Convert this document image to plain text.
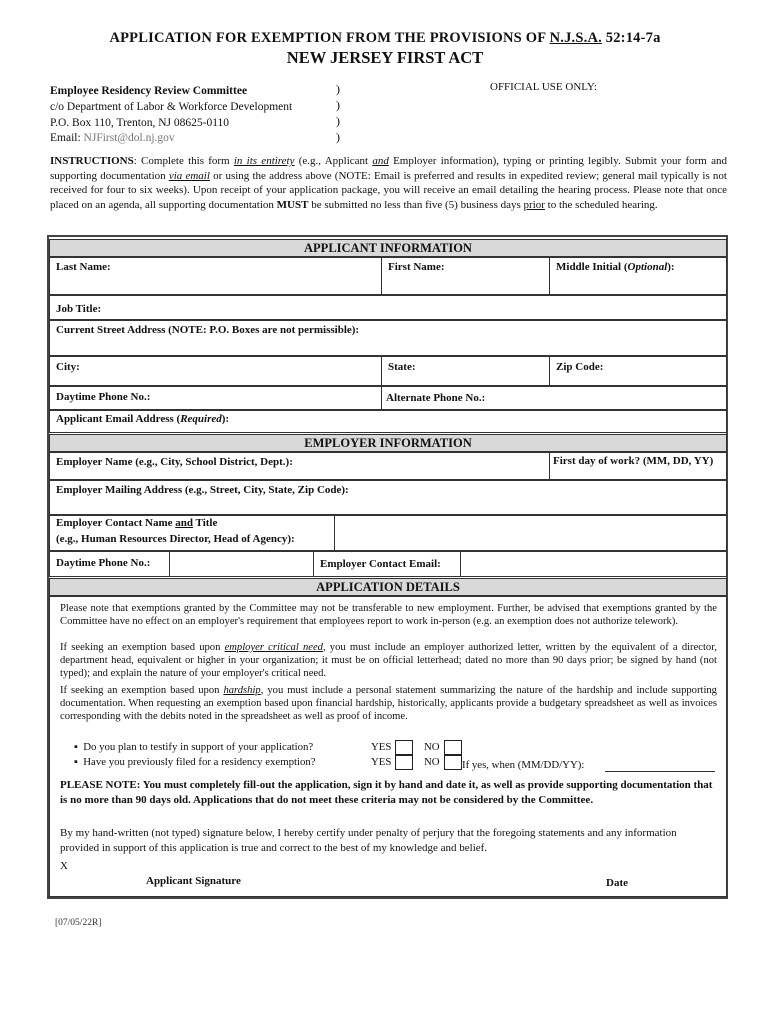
APPLICATION FOR EXEMPTION FROM THE PROVISIONS OF N.J.S.A. 52:14-7a
NEW JERSEY FIRST ACT
Employee Residency Review Committee
c/o Department of Labor & Workforce Development
P.O. Box 110, Trenton, NJ 08625-0110
Email: NJFirst@dol.nj.gov
)
)
)
)
OFFICIAL USE ONLY:
INSTRUCTIONS: Complete this form in its entirety (e.g., Applicant and Employer information), typing or printing legibly. Submit your form and supporting documentation via email or using the address above (NOTE: Email is preferred and results in expedited review; general mail typically is not received for four to six weeks). Upon receipt of your application package, you will receive an email detailing the hearing process. Please note that once placed on an agenda, all supporting documentation MUST be submitted no less than five (5) business days prior to the scheduled hearing.
APPLICANT INFORMATION
Last Name:	First Name:	Middle Initial (Optional):
Job Title:
Current Street Address (NOTE: P.O. Boxes are not permissible):
City:	State:	Zip Code:
Daytime Phone No.:	Alternate Phone No.:
Applicant Email Address (Required):
EMPLOYER INFORMATION
Employer Name (e.g., City, School District, Dept.):	First day of work? (MM, DD, YY)
Employer Mailing Address (e.g., Street, City, State, Zip Code):
Employer Contact Name and Title
(e.g., Human Resources Director, Head of Agency):
Daytime Phone No.:	Employer Contact Email:
APPLICATION DETAILS
Please note that exemptions granted by the Committee may not be transferable to new employment. Further, be advised that exemptions granted by the Committee have no effect on an employer's requirement that employees report to work in-person (e.g. an exemption does not authorize telework).
If seeking an exemption based upon employer critical need, you must include an employer authorized letter, written by the equivalent of a director, department head, equivalent or higher in your organization; it must be on official letterhead; dated no more than 90 days prior; be signed by hand (not typed); and explain the nature of your employer's critical need.
If seeking an exemption based upon hardship, you must include a personal statement summarizing the nature of the hardship and include supporting documentation. When requesting an exemption based upon financial hardship, historically, applicants provide a budgetary spreadsheet as well as invoices corresponding with the debits noted in the spreadsheet as well as proof of income.
▪ Do you plan to testify in support of your application?	YES	NO
▪ Have you previously filed for a residency exemption?	YES	NO	If yes, when (MM/DD/YY):
PLEASE NOTE: You must completely fill-out the application, sign it by hand and date it, as well as provide supporting documentation that is no more than 90 days old. Applications that do not meet these criteria may not be considered by the Committee.
By my hand-written (not typed) signature below, I hereby certify under penalty of perjury that the foregoing statements and any information provided in support of this application is true and correct to the best of my knowledge and belief.
X
Applicant Signature	Date
[07/05/22R]
